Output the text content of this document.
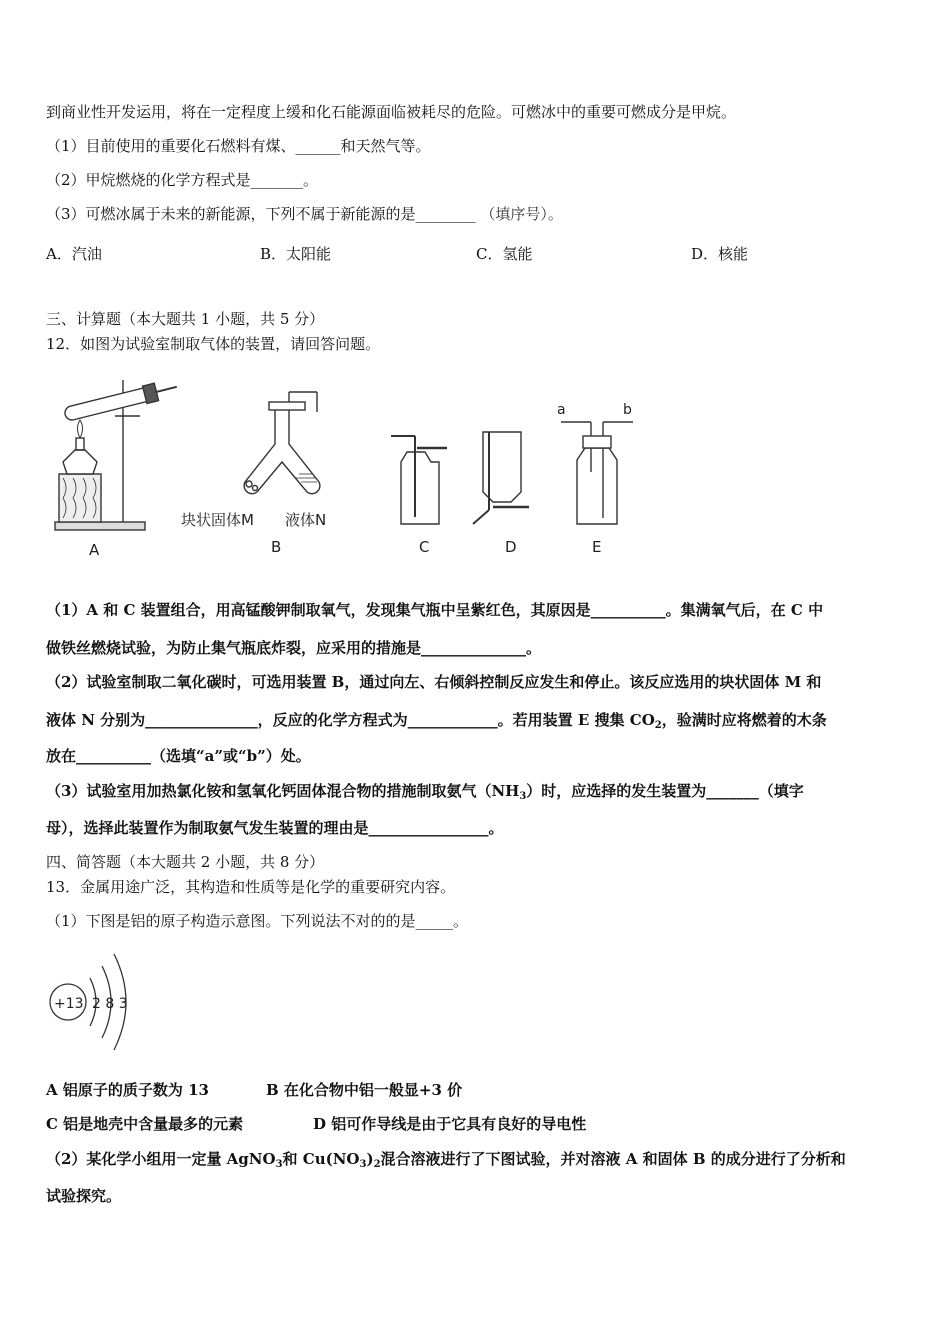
到商业性开发运用，将在一定程度上缓和化石能源面临被耗尽的危险。可燃冰中的重要可燃成分是甲烷。
（1）目前使用的重要化石燃料有煤、______和天然气等。
（2）甲烷燃烧的化学方程式是_______。
（3）可燃冰属于未来的新能源，下列不属于新能源的是________ （填序号）。
A．汽油	B．太阳能	C．氢能	D．核能
三、计算题（本大题共 1 小题，共 5 分）
12．如图为试验室制取气体的装置，请回答问题。
A
块状固体M 液体N
B	C	D
a	b
E
（1）A 和 C 装置组合，用高锰酸钾制取氧气，发现集气瓶中呈紫红色，其原因是__________。集满氧气后，在 C 中
做铁丝燃烧试验，为防止集气瓶底炸裂，应采用的措施是______________。
（2）试验室制取二氧化碳时，可选用装置 B，通过向左、右倾斜控制反应发生和停止。该反应选用的块状固体 M 和
液体 N 分别为_______________，反应的化学方程式为____________。若用装置 E 搜集 $CO_2$，验满时应将燃着的木条
放在__________（选填“a”或“b”）处。
（3）试验室用加热氯化铵和氢氧化钙固体混合物的措施制取氨气$(NH_3)$时，应选择的发生装置为_______（填字
母），选择此装置作为制取氨气发生装置的理由是________________。
四、简答题（本大题共 2 小题，共 8 分）
13．金属用途广泛，其构造和性质等是化学的重要研究内容。
（1）下图是铝的原子构造示意图。下列说法不对的的是_____。
+13 2 8 3
A 铝原子的质子数为 13	B 在化合物中铝一般显+3 价
C 铝是地壳中含量最多的元素	D 铝可作导线是由于它具有良好的导电性
（2）某化学小组用一定量 AgNO$_3$和 $Cu(NO_3)_2$混合溶液进行了下图试验，并对溶液 A 和固体 B 的成分进行了分析和
试验探究。
